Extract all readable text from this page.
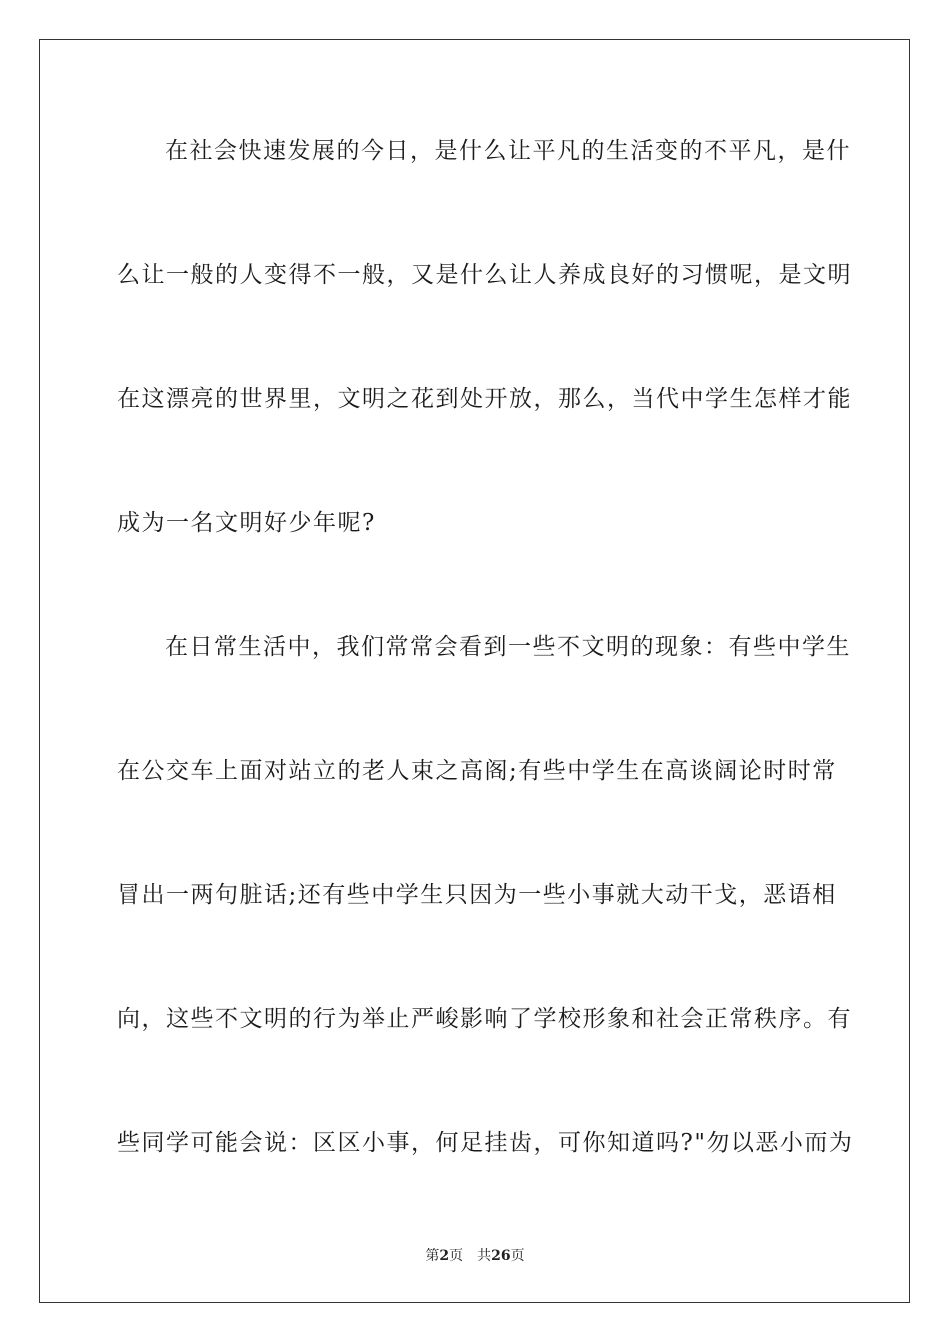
在社会快速发展的今日，是什么让平凡的生活变的不平凡，是什
么让一般的人变得不一般，又是什么让人养成良好的习惯呢，是文明
在这漂亮的世界里，文明之花到处开放，那么，当代中学生怎样才能
成为一名文明好少年呢?
在日常生活中，我们常常会看到一些不文明的现象：有些中学生
在公交车上面对站立的老人束之高阁;有些中学生在高谈阔论时时常
冒出一两句脏话;还有些中学生只因为一些小事就大动干戈，恶语相
向，这些不文明的行为举止严峻影响了学校形象和社会正常秩序。有
些同学可能会说：区区小事，何足挂齿，可你知道吗?"勿以恶小而为
第2页 共26页
